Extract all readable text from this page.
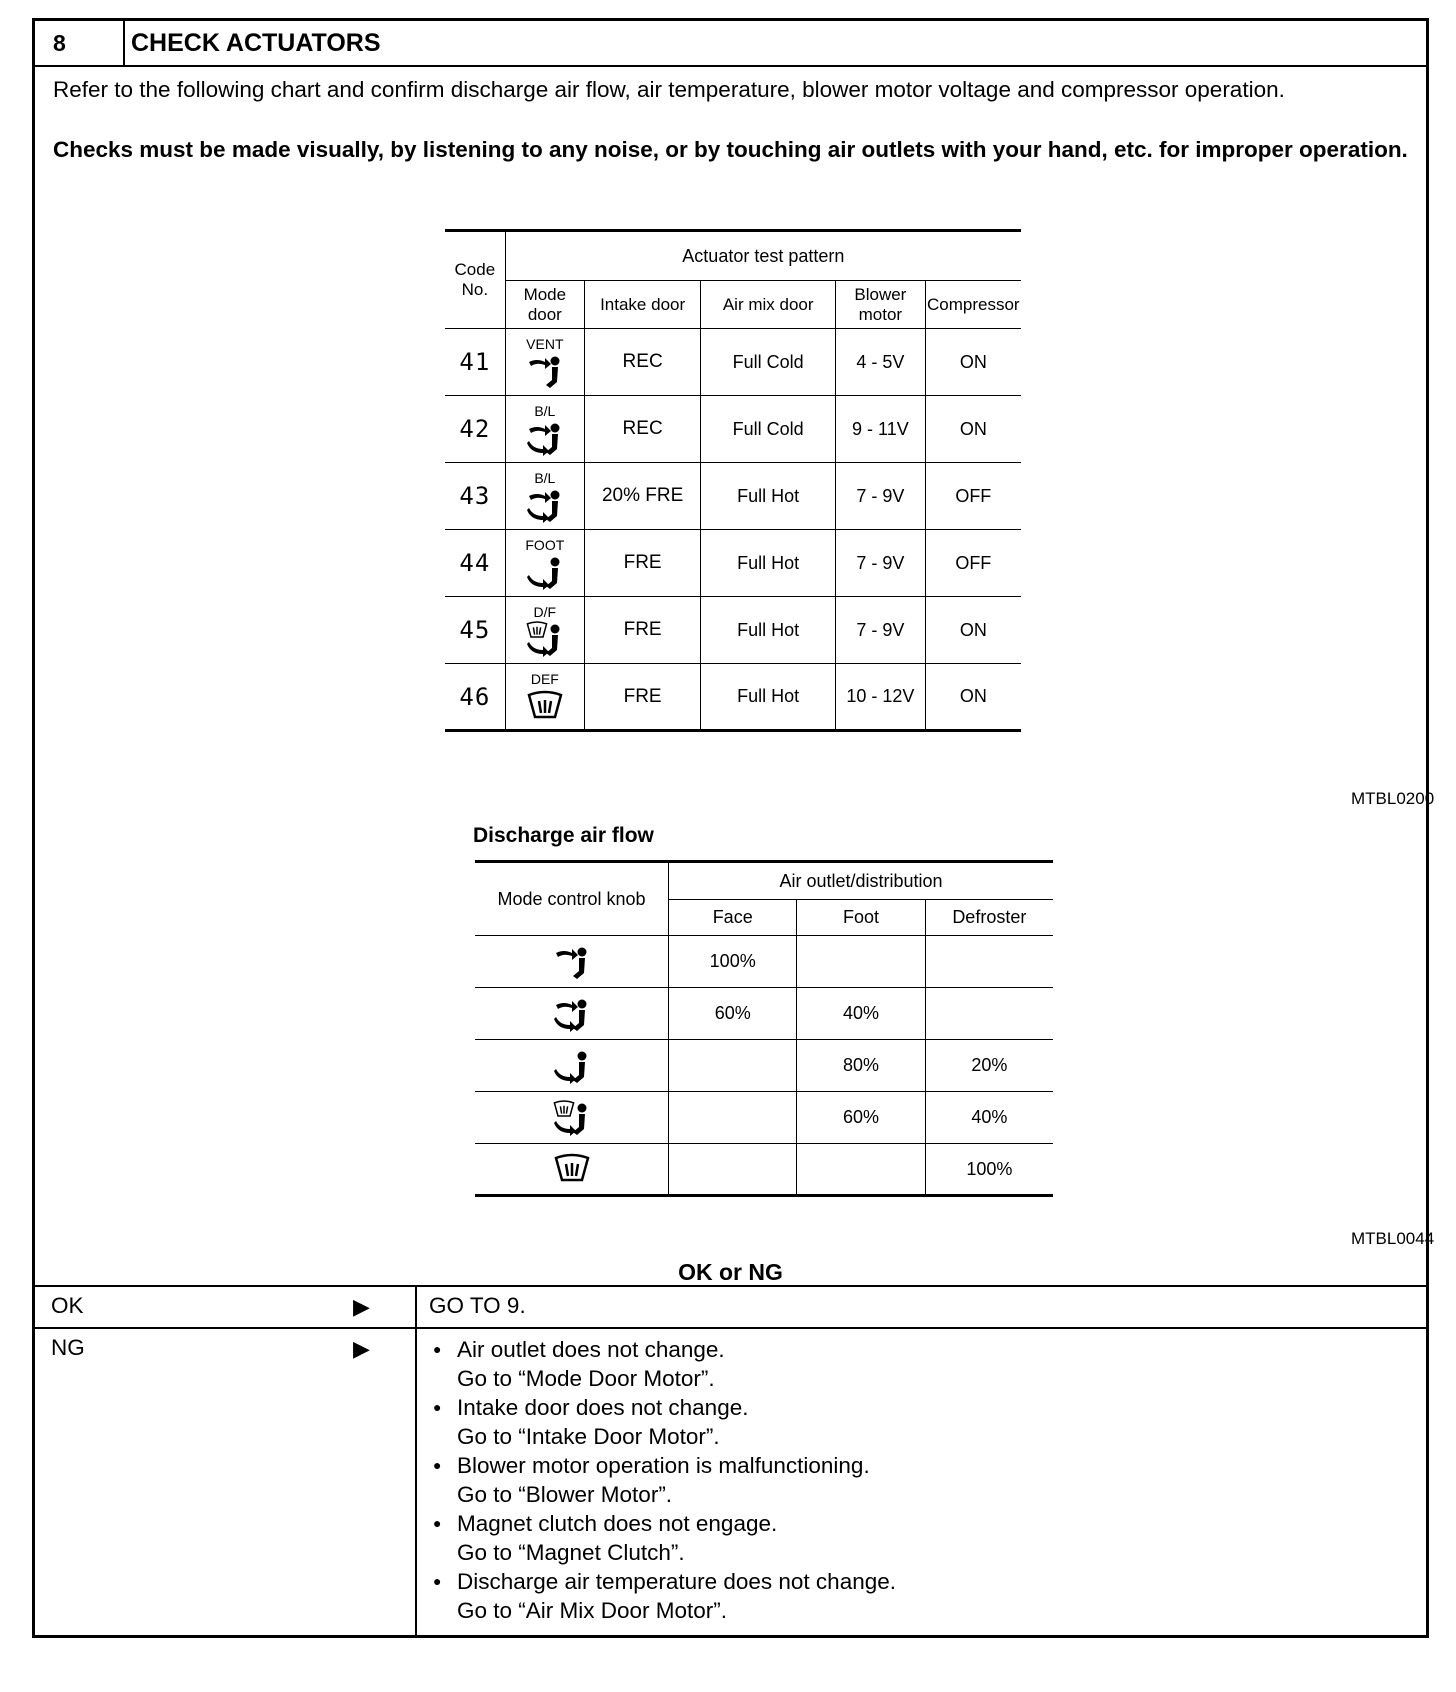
8	CHECK ACTUATORS
Refer to the following chart and confirm discharge air flow, air temperature, blower motor voltage and compressor operation.
Checks must be made visually, by listening to any noise, or by touching air outlets with your hand, etc. for improper operation.
Code No.	Actuator test pattern				
	Mode door	Intake door	Air mix door	Blower motor	Compressor
41	VENT	REC	Full Cold	4 - 5V	ON
42	B/L	REC	Full Cold	9 - 11V	ON
43	B/L	20% FRE	Full Hot	7 - 9V	OFF
44	FOOT	FRE	Full Hot	7 - 9V	OFF
45	D/F	FRE	Full Hot	7 - 9V	ON
46	DEF	FRE	Full Hot	10 - 12V	ON
MTBL0200
Discharge air flow
Mode control knob	Air outlet/distribution		
	Face	Foot	Defroster

	100%		

	60%	40%	

		80%	20%

		60%	40%

			100%
MTBL0044
OK or NG
OK	▶	GO TO 9.
NG	▶	● Air outlet does not change.
Go to “Mode Door Motor”.
● Intake door does not change.
Go to “Intake Door Motor”.
● Blower motor operation is malfunctioning.
Go to “Blower Motor”.
● Magnet clutch does not engage.
Go to “Magnet Clutch”.
● Discharge air temperature does not change.
Go to “Air Mix Door Motor”.
